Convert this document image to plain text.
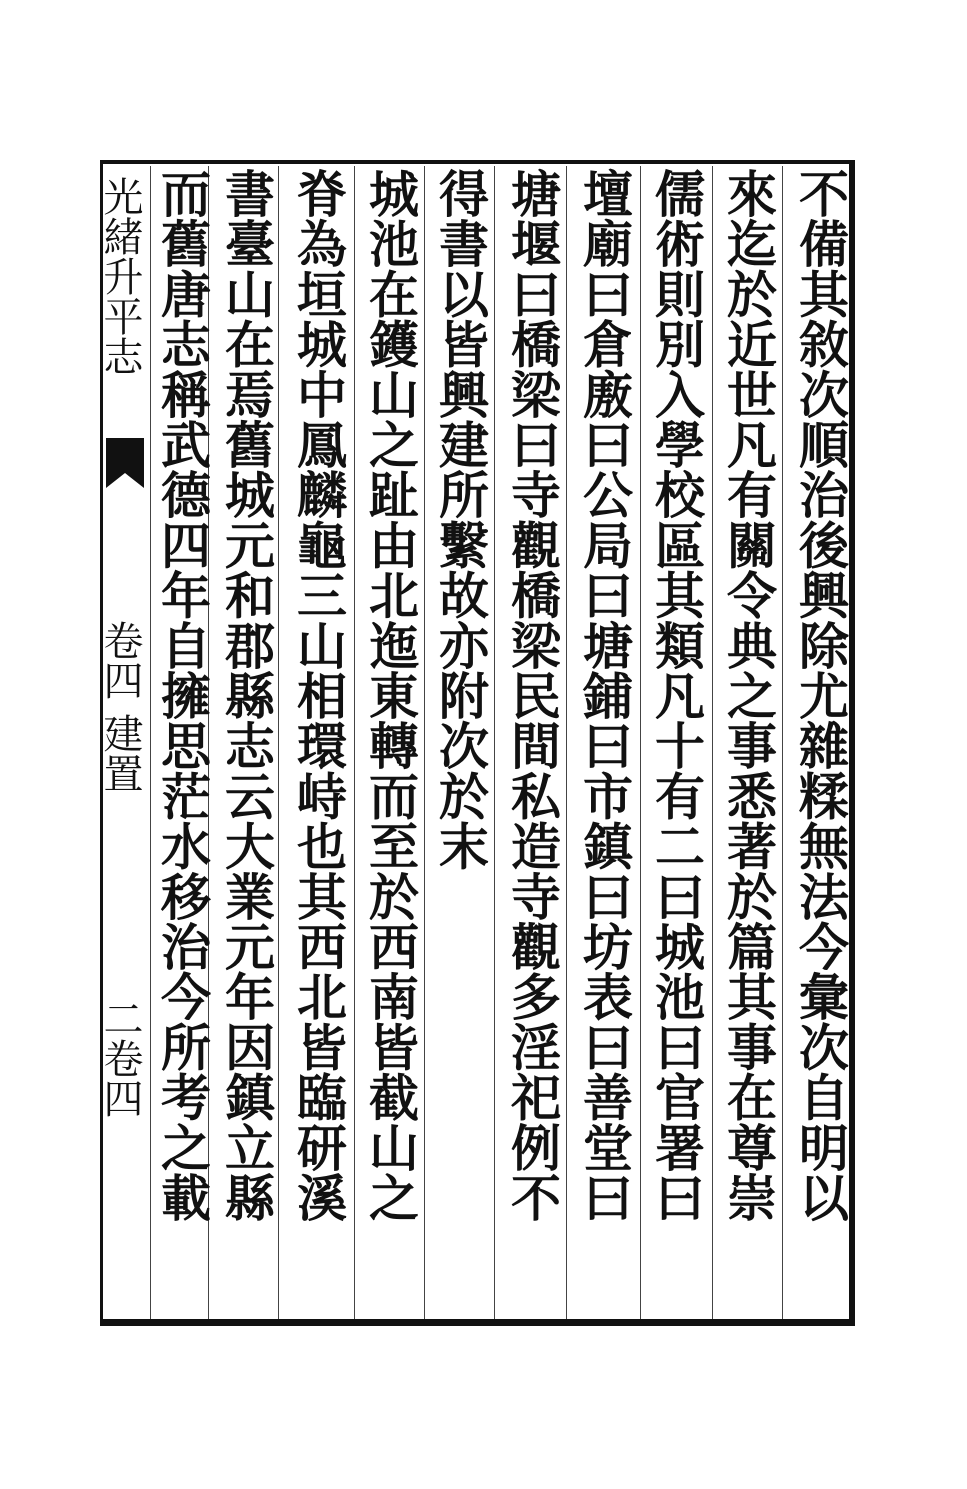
光緒升平志
卷四 建置
二卷四	不備其敘次順治後興除尤雜糅無法今彙次自明以
來迄於近世凡有關令典之事悉著於篇其事在尊崇
儒術則別入學校區其類凡十有二曰城池曰官署曰
壇廟曰倉廒曰公局曰塘鋪曰市鎮曰坊表曰善堂曰
塘堰曰橋梁曰寺觀橋梁民間私造寺觀多淫祀例不
得書以皆興建所繫故亦附次於末
城池在鑊山之趾由北迤東轉而至於西南皆截山之
脊為垣城中鳳麟龜三山相環峙也其西北皆臨研溪
書臺山在焉舊城元和郡縣志云大業元年因鎮立縣
而舊唐志稱武德四年自擁思茫水移治今所考之載
